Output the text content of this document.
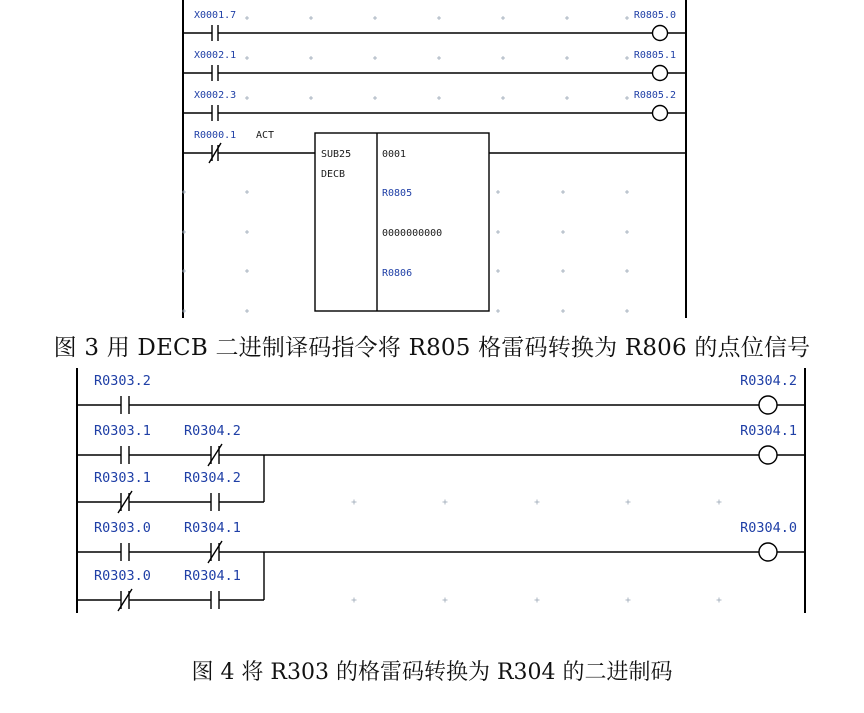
X0001.7	R0805.0
X0002.1	R0805.1
X0002.3	R0805.2
R0000.1 ACT
SUB25
DECB
0001
R0805
0000000000
R0806
R0303.2	R0304.2
R0303.1 R0304.2	R0304.1
R0303.1 R0304.2
R0303.0 R0304.1	R0304.0
R0303.0 R0304.1
图 3 用 DECB 二进制译码指令将 R805 格雷码转换为 R806 的点位信号
图 4 将 R303 的格雷码转换为 R304 的二进制码
